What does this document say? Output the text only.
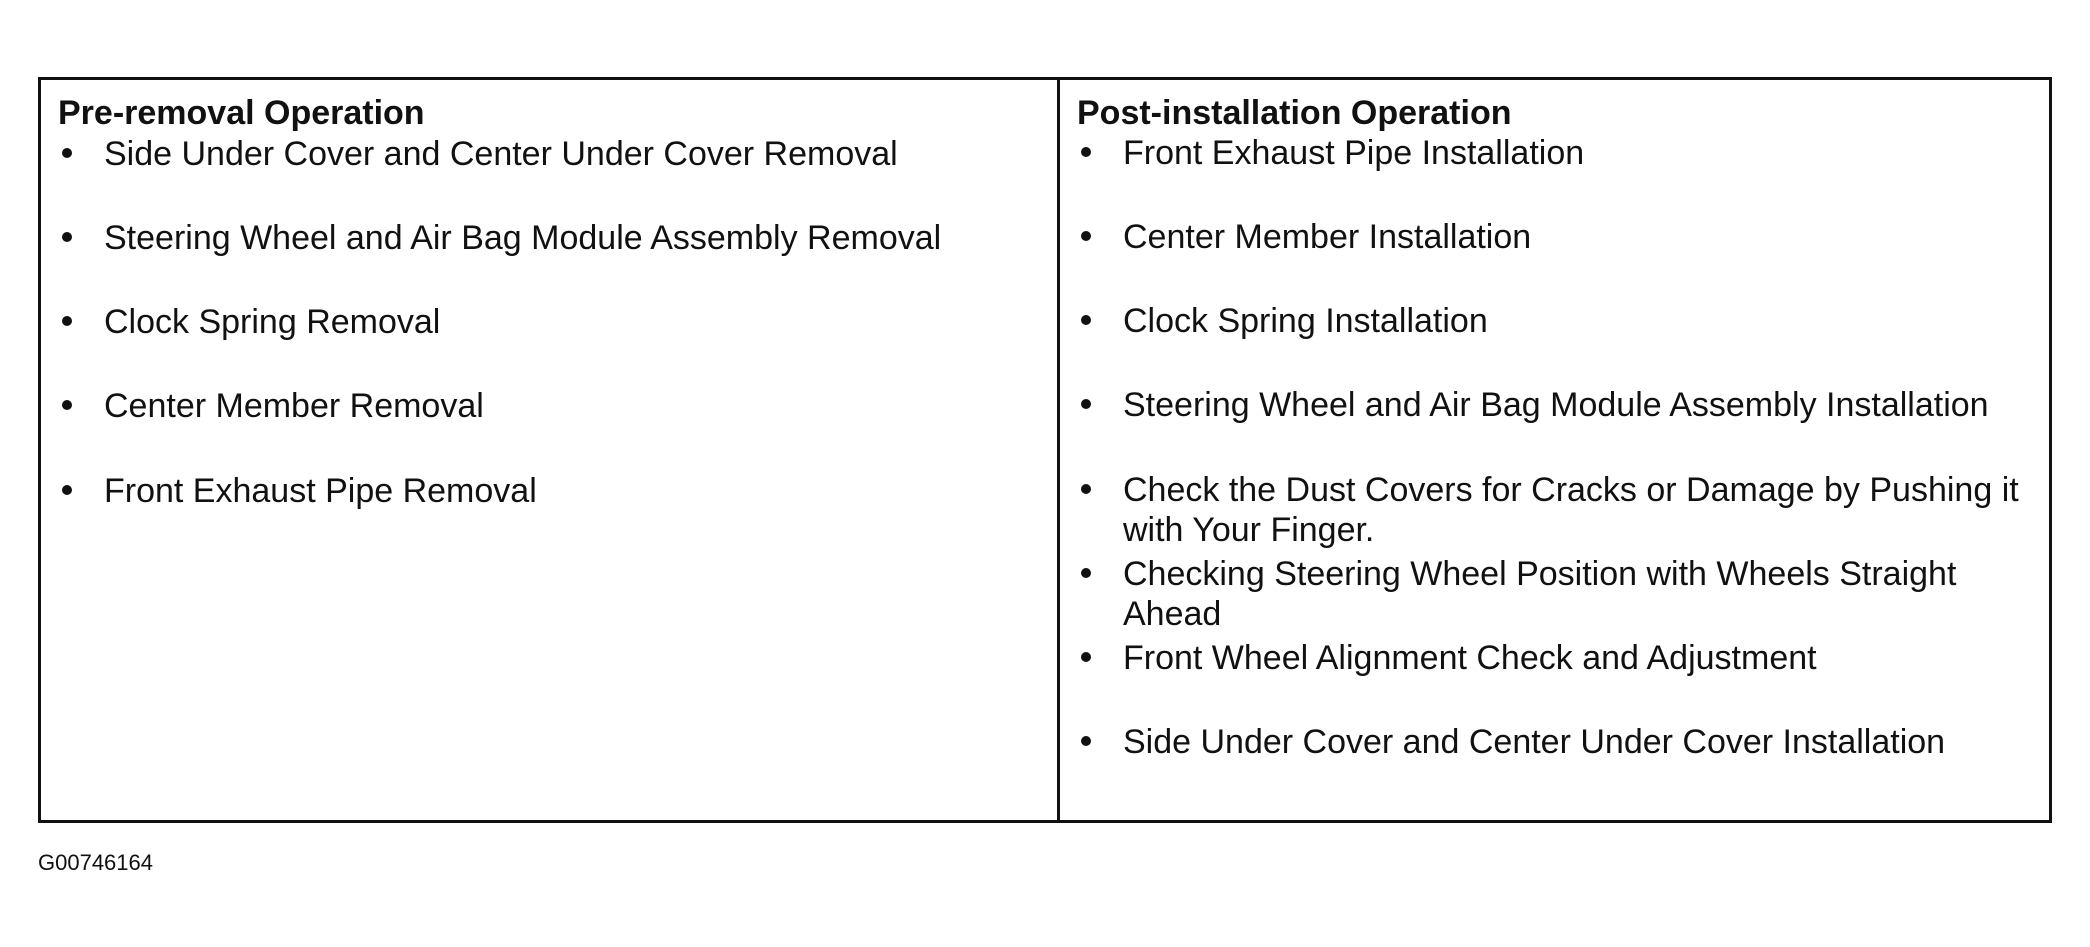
Pre-removal Operation
Side Under Cover and Center Under Cover Removal
Steering Wheel and Air Bag Module Assembly Removal
Clock Spring Removal
Center Member Removal
Front Exhaust Pipe Removal
Post-installation Operation
Front Exhaust Pipe Installation
Center Member Installation
Clock Spring Installation
Steering Wheel and Air Bag Module Assembly Installation
Check the Dust Covers for Cracks or Damage by Pushing it with Your Finger.
Checking Steering Wheel Position with Wheels Straight Ahead
Front Wheel Alignment Check and Adjustment
Side Under Cover and Center Under Cover Installation
G00746164
